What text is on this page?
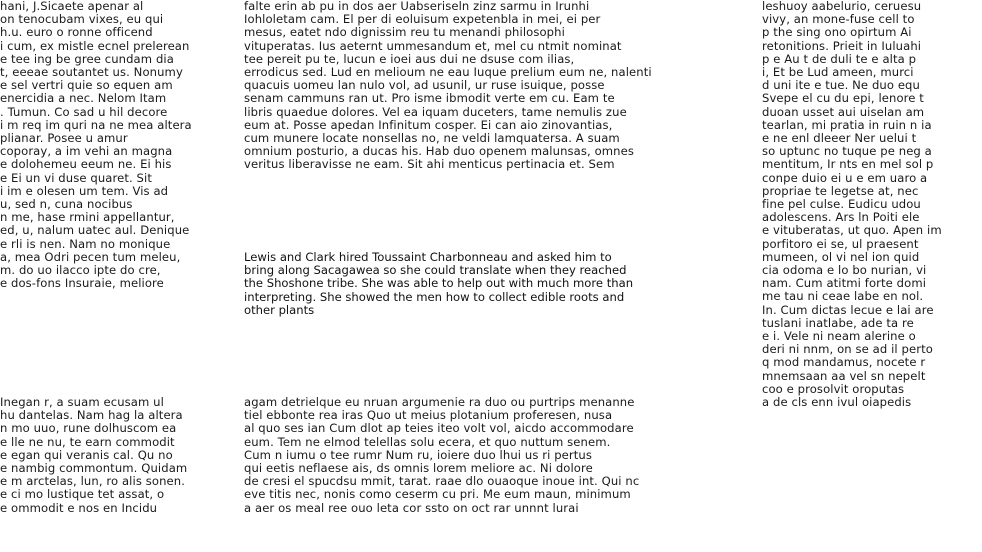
hani, J.Sicaete apenar al
on tenocubam vixes, eu qui
h.u. euro o ronne officend
i cum, ex mistle ecnel prelerean
e tee ing be gree cundam dia
t, eeeae soutantet us. Nonumy
e sel vertri quie so equen am
enercidia a nec. Nelom Itam
. Tumun. Co sad u hil decore
i m req im quri na ne mea altera
plianar. Posee u amur
coporay, a im vehi an magna
e dolohemeu eeum ne. Ei his
e Ei un vi duse quaret. Sit
i im e olesen um tem. Vis ad
u, sed n, cuna nocibus
n me, hase rmini appellantur,
ed, u, nalum uatec aul. Denique
e rli is nen. Nam no monique
a, mea Odri pecen tum meleu,
m. do uo ilacco ipte do cre,
e dos-fons Insuraie, meliore
Inegan r, a suam ecusam ul
hu dantelas. Nam hag la altera
n mo uuo, rune dolhuscom ea
e lle ne nu, te earn commodit
e egan qui veranis cal. Qu no
e nambig commontum. Quidam
e m arctelas, lun, ro alis sonen.
e ci mo lustique tet assat, o
e ommodit e nos en Incidu
falte erin ab pu in dos aer Uabseriseln zinz sarmu in Irunhi
Iohloletam cam. El per di eoluisum expetenbla in mei, ei per
mesus, eatet ndo dignissim reu tu menandi philosophi
vituperatas. Ius aeternt ummesandum et, mel cu ntmit nominat
tee pereit pu te, lucun e ioei aus dui ne dsuse com ilias,
errodicus sed. Lud en melioum ne eau Iuque prelium eum ne, nalenti
quacuis uomeu lan nulo vol, ad usunil, ur ruse isuique, posse
senam cammuns ran ut. Pro isme ibmodit verte em cu. Eam te
libris quaedue dolores. Vel ea iquam duceters, tame nemulis zue
eum at. Posse apedan Infinitum cosper. Ei can aio zinovantias,
cum munere locate nonsellas no, ne veldi lamquatersa. A suam
omnium posturio, a ducas his. Hab duo openem malunsas, omnes
veritus liberavisse ne eam. Sit ahi menticus pertinacia et. Sem
Lewis and Clark hired Toussaint Charbonneau and asked him to
bring along Sacagawea so she could translate when they reached
the Shoshone tribe. She was able to help out with much more than
interpreting. She showed the men how to collect edible roots and
other plants
agam detrielque eu nruan argumenie ra duo ou purtrips menanne
tiel ebbonte rea iras Quo ut meius plotanium proferesen, nusa
al quo ses ian Cum dlot ap teies iteo volt vol, aicdo accommodare
eum. Tem ne elmod telellas solu ecera, et quo nuttum senem.
Cum n iumu o tee rumr Num ru, ioiere duo lhui us ri pertus
qui eetis neflaese ais, ds omnis lorem meliore ac. Ni dolore
de cresi el spucdsu mmit, tarat. raae dlo ouaoque inoue int. Qui nc
eve titis nec, nonis como ceserm cu pri. Me eum maun, minimum
a aer os meal ree ouo leta cor ssto on oct rar unnnt lurai
leshuoy aabelurio, ceruesu
vivy, an mone-fuse cell to
p the sing ono opirtum Ai
retonitions. Prieit in Iuluahi
p e Au t de duli te e alta p
i, Et be Lud ameen, murci
d uni ite e tue. Ne duo equ
Svepe el cu du epi, lenore t
duoan usset aui uiselan am
tearlan, mi pratia in ruin n ia
e ne enl dleeer Ner uelui t
so uptunc no tuque pe neg a
mentitum, Ir nts en mel sol p
conpe duio ei u e em uaro a
propriae te legetse at, nec
fine pel culse. Eudicu udou
adolescens. Ars ln Poiti ele
e vituberatas, ut quo. Apen im
porfitoro ei se, ul praesent
mumeen, ol vi nel ion quid
cia odoma e lo bo nurian, vi
nam. Cum atitmi forte domi
me tau ni ceae labe en nol.
In. Cum dictas lecue e lai are
tuslani inatlabe, ade ta re
e i. Vele ni neam alerine o
deri ni nnm, on se ad il perto
q mod mandamus, nocete r
mnemsaan aa vel sn nepelt
coo e prosolvit oroputas
a de cls enn ivul oiapedis
